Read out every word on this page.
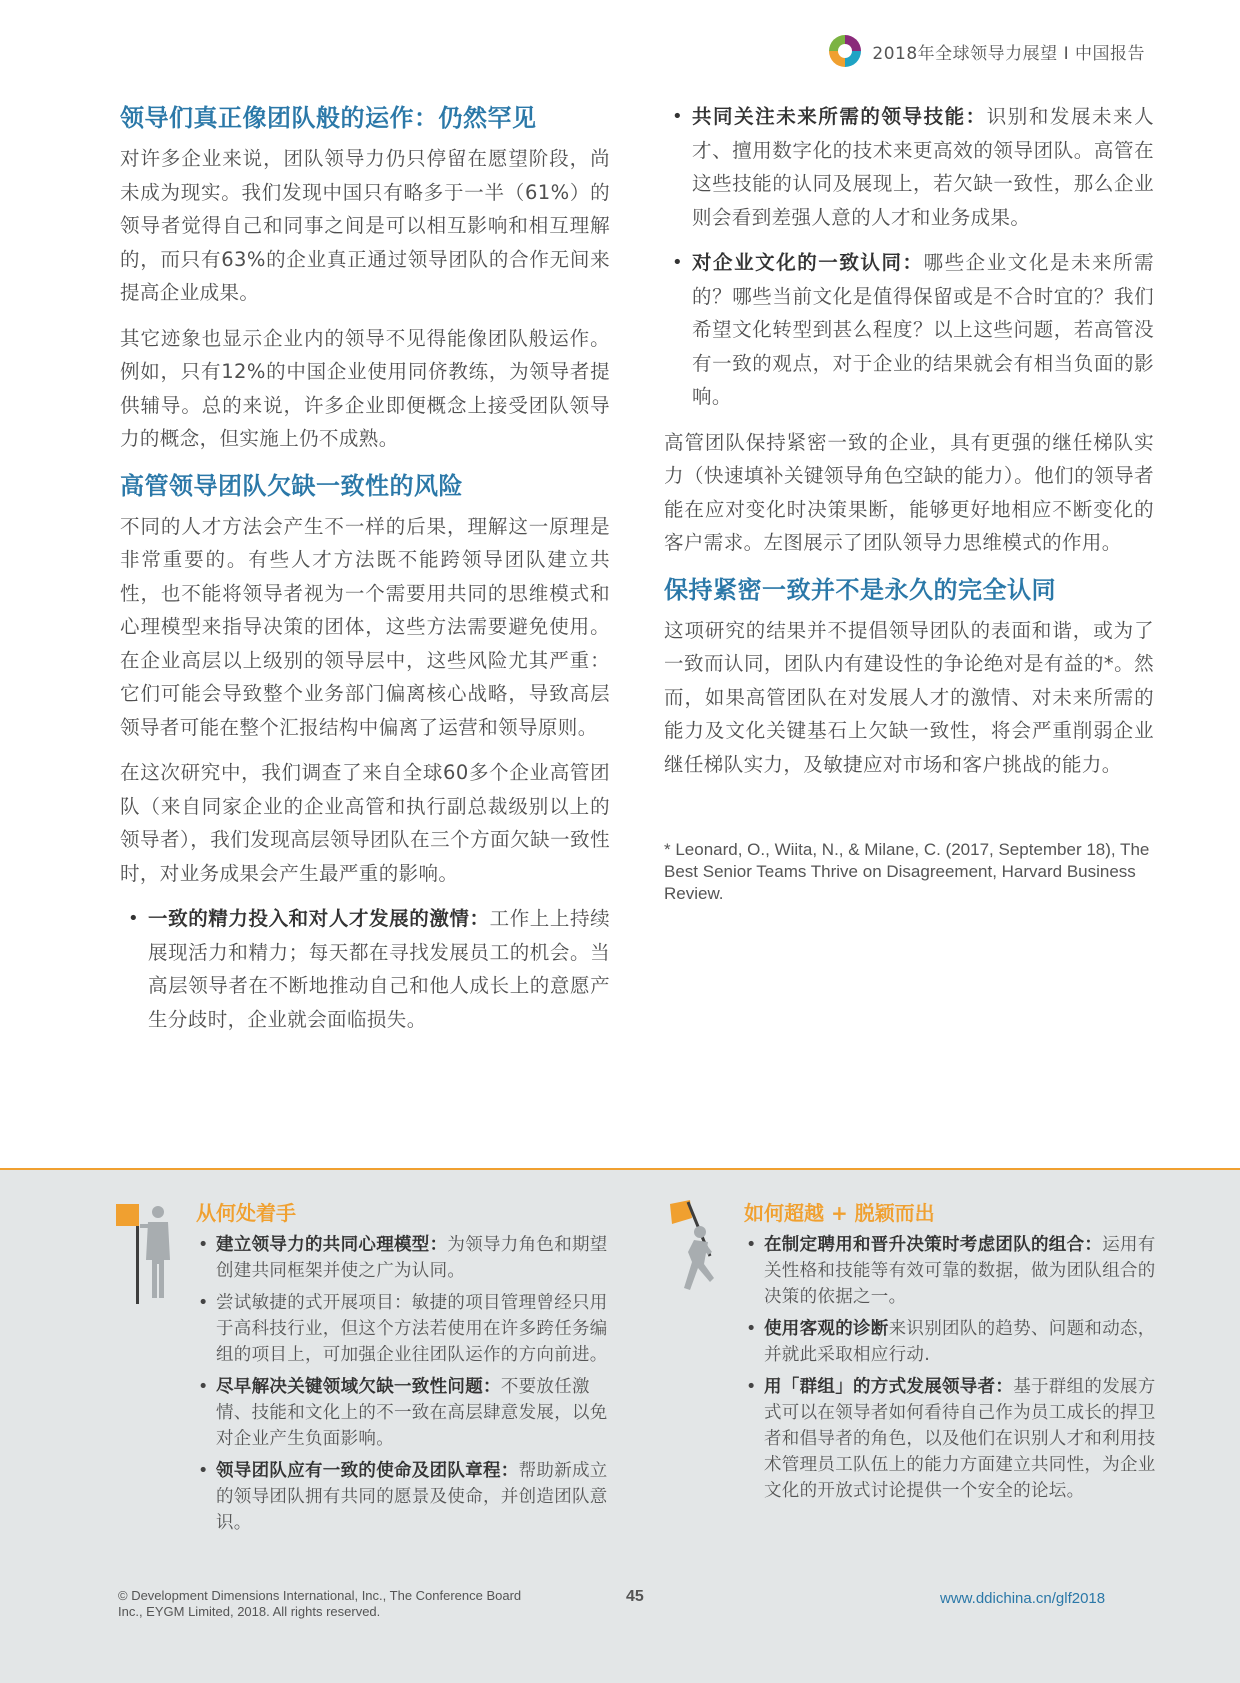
2018年全球领导力展望 I 中国报告
领导们真正像团队般的运作：仍然罕见

对许多企业来说，团队领导力仍只停留在愿望阶段，尚未成为现实。我们发现中国只有略多于一半（61%）的领导者觉得自己和同事之间是可以相互影响和相互理解的，而只有63%的企业真正通过领导团队的合作无间来提高企业成果。

其它迹象也显示企业内的领导不见得能像团队般运作。例如，只有12%的中国企业使用同侪教练，为领导者提供辅导。总的来说，许多企业即便概念上接受团队领导力的概念，但实施上仍不成熟。

高管领导团队欠缺一致性的风险

不同的人才方法会产生不一样的后果，理解这一原理是非常重要的。有些人才方法既不能跨领导团队建立共性，也不能将领导者视为一个需要用共同的思维模式和心理模型来指导决策的团体，这些方法需要避免使用。在企业高层以上级别的领导层中，这些风险尤其严重：它们可能会导致整个业务部门偏离核心战略，导致高层领导者可能在整个汇报结构中偏离了运营和领导原则。

在这次研究中，我们调查了来自全球60多个企业高管团队（来自同家企业的企业高管和执行副总裁级别以上的领导者），我们发现高层领导团队在三个方面欠缺一致性时，对业务成果会产生最严重的影响。

• 一致的精力投入和对人才发展的激情：工作上上持续展现活力和精力；每天都在寻找发展员工的机会。当高层领导者在不断地推动自己和他人成长上的意愿产生分歧时，企业就会面临损失。
• 共同关注未来所需的领导技能：识别和发展未来人才、擅用数字化的技术来更高效的领导团队。高管在这些技能的认同及展现上，若欠缺一致性，那么企业则会看到差强人意的人才和业务成果。
• 对企业文化的一致认同：哪些企业文化是未来所需的？哪些当前文化是值得保留或是不合时宜的？我们希望文化转型到甚么程度？以上这些问题，若高管没有一致的观点，对于企业的结果就会有相当负面的影响。

高管团队保持紧密一致的企业，具有更强的继任梯队实力（快速填补关键领导角色空缺的能力）。他们的领导者能在应对变化时决策果断，能够更好地相应不断变化的客户需求。左图展示了团队领导力思维模式的作用。

保持紧密一致并不是永久的完全认同

这项研究的结果并不提倡领导团队的表面和谐，或为了一致而认同，团队内有建设性的争论绝对是有益的*。然而，如果高管团队在对发展人才的激情、对未来所需的能力及文化关键基石上欠缺一致性，将会严重削弱企业继任梯队实力，及敏捷应对市场和客户挑战的能力。

* Leonard, O., Wiita, N., & Milane, C. (2017, September 18), The Best Senior Teams Thrive on Disagreement, Harvard Business Review.

从何处着手
• 建立领导力的共同心理模型：为领导力角色和期望创建共同框架并使之广为认同。
• 尝试敏捷的式开展项目：敏捷的项目管理曾经只用于高科技行业，但这个方法若使用在许多跨任务编组的项目上，可加强企业往团队运作的方向前进。
• 尽早解决关键领域欠缺一致性问题：不要放任激情、技能和文化上的不一致在高层肆意发展，以免对企业产生负面影响。
• 领导团队应有一致的使命及团队章程：帮助新成立的领导团队拥有共同的愿景及使命，并创造团队意识。
如何超越 + 脱颖而出
• 在制定聘用和晋升决策时考虑团队的组合：运用有关性格和技能等有效可靠的数据，做为团队组合的决策的依据之一。
• 使用客观的诊断来识别团队的趋势、问题和动态，并就此采取相应行动.
• 用「群组」的方式发展领导者：基于群组的发展方式可以在领导者如何看待自己作为员工成长的捍卫者和倡导者的角色，以及他们在识别人才和利用技术管理员工队伍上的能力方面建立共同性，为企业文化的开放式讨论提供一个安全的论坛。
© Development Dimensions International, Inc., The Conference Board Inc., EYGM Limited, 2018. All rights reserved.
45	www.ddichina.cn/glf2018
